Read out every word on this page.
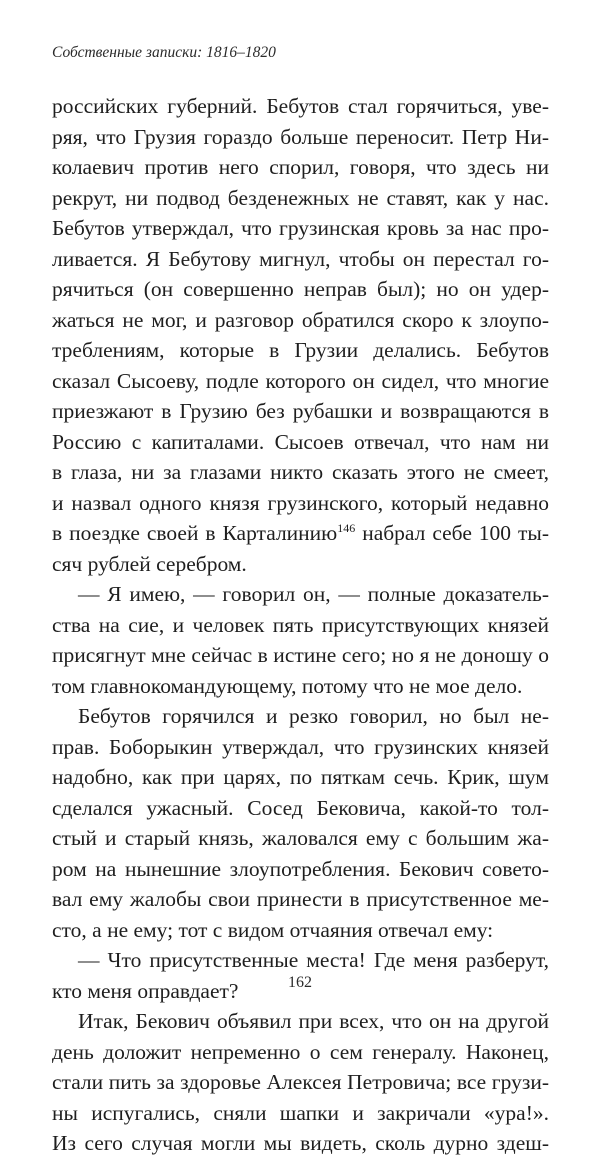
Собственные записки: 1816–1820
российских губерний. Бебутов стал горячиться, уве-
ряя, что Грузия гораздо больше переносит. Петр Ни-
колаевич против него спорил, говоря, что здесь ни
рекрут, ни подвод безденежных не ставят, как у нас.
Бебутов утверждал, что грузинская кровь за нас про-
ливается. Я Бебутову мигнул, чтобы он перестал го-
рячиться (он совершенно неправ был); но он удер-
жаться не мог, и разговор обратился скоро к злоупо-
треблениям, которые в Грузии делались. Бебутов
сказал Сысоеву, подле которого он сидел, что многие
приезжают в Грузию без рубашки и возвращаются в
Россию с капиталами. Сысоев отвечал, что нам ни
в глаза, ни за глазами никто сказать этого не смеет,
и назвал одного князя грузинского, который недавно
в поездке своей в Карталинию$^{146}$ набрал себе 100 ты-
сяч рублей серебром.
— Я имею, — говорил он, — полные доказатель-
ства на сие, и человек пять присутствующих князей
присягнут мне сейчас в истине сего; но я не доношу о
том главнокомандующему, потому что не мое дело.
Бебутов горячился и резко говорил, но был не-
прав. Боборыкин утверждал, что грузинских князей
надобно, как при царях, по пяткам сечь. Крик, шум
сделался ужасный. Сосед Бековича, какой-то тол-
стый и старый князь, жаловался ему с большим жа-
ром на нынешние злоупотребления. Бекович совето-
вал ему жалобы свои принести в присутственное ме-
сто, а не ему; тот с видом отчаяния отвечал ему:
— Что присутственные места! Где меня разберут,
кто меня оправдает?
Итак, Бекович объявил при всех, что он на другой
день доложит непременно о сем генералу. Наконец,
стали пить за здоровье Алексея Петровича; все грузи-
ны испугались, сняли шапки и закричали «ура!».
Из сего случая могли мы видеть, сколь дурно здеш-
162
